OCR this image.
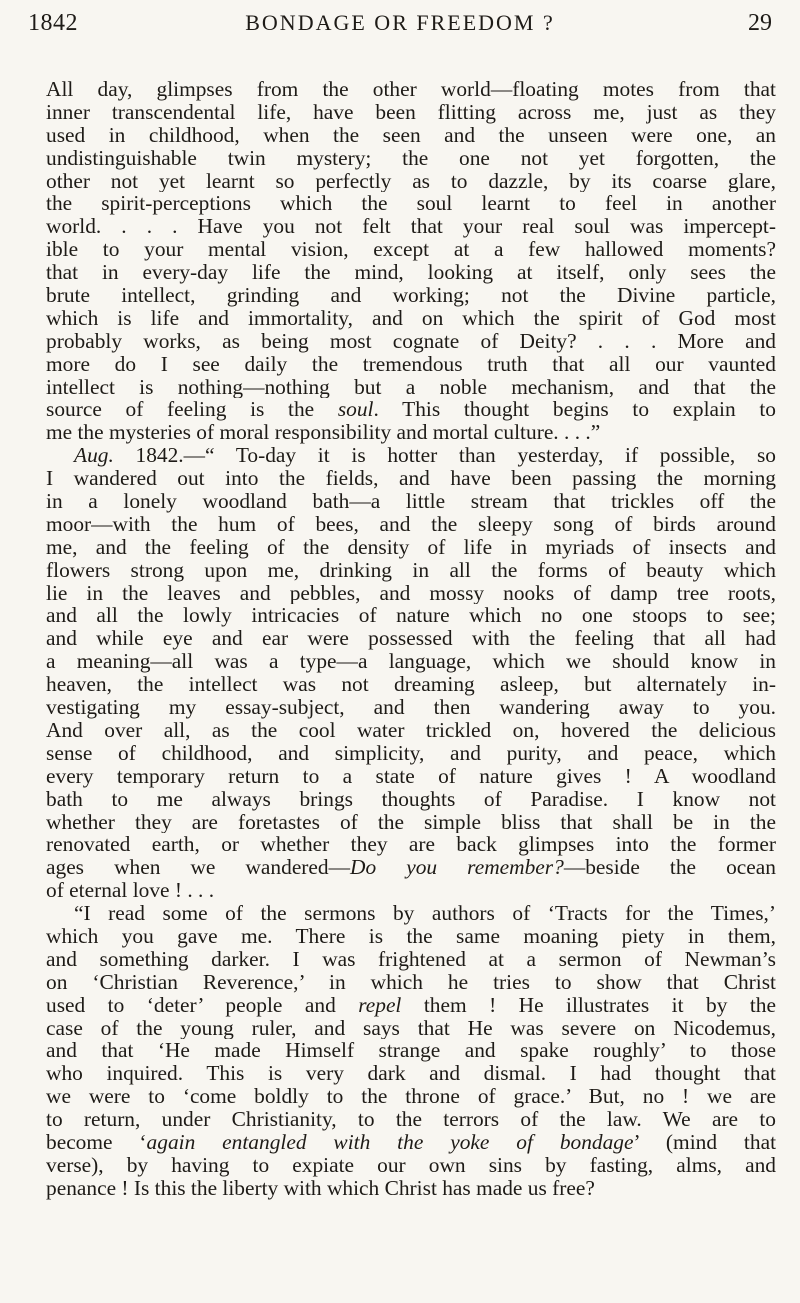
1842	BONDAGE OR FREEDOM ?	29
All day, glimpses from the other world—floating motes from that
inner transcendental life, have been flitting across me, just as they
used in childhood, when the seen and the unseen were one, an
undistinguishable twin mystery; the one not yet forgotten, the
other not yet learnt so perfectly as to dazzle, by its coarse glare,
the spirit-perceptions which the soul learnt to feel in another
world. . . . Have you not felt that your real soul was impercept-
ible to your mental vision, except at a few hallowed moments?
that in every-day life the mind, looking at itself, only sees the
brute intellect, grinding and working; not the Divine particle,
which is life and immortality, and on which the spirit of God most
probably works, as being most cognate of Deity? . . . More and
more do I see daily the tremendous truth that all our vaunted
intellect is nothing—nothing but a noble mechanism, and that the
source of feeling is the soul. This thought begins to explain to
me the mysteries of moral responsibility and mortal culture. . . .”
Aug. 1842.—“ To-day it is hotter than yesterday, if possible, so
I wandered out into the fields, and have been passing the morning
in a lonely woodland bath—a little stream that trickles off the
moor—with the hum of bees, and the sleepy song of birds around
me, and the feeling of the density of life in myriads of insects and
flowers strong upon me, drinking in all the forms of beauty which
lie in the leaves and pebbles, and mossy nooks of damp tree roots,
and all the lowly intricacies of nature which no one stoops to see;
and while eye and ear were possessed with the feeling that all had
a meaning—all was a type—a language, which we should know in
heaven, the intellect was not dreaming asleep, but alternately in-
vestigating my essay-subject, and then wandering away to you.
And over all, as the cool water trickled on, hovered the delicious
sense of childhood, and simplicity, and purity, and peace, which
every temporary return to a state of nature gives ! A woodland
bath to me always brings thoughts of Paradise. I know not
whether they are foretastes of the simple bliss that shall be in the
renovated earth, or whether they are back glimpses into the former
ages when we wandered—Do you remember?—beside the ocean
of eternal love ! . . .
“I read some of the sermons by authors of ‘Tracts for the Times,’
which you gave me. There is the same moaning piety in them,
and something darker. I was frightened at a sermon of Newman’s
on ‘Christian Reverence,’ in which he tries to show that Christ
used to ‘deter’ people and repel them ! He illustrates it by the
case of the young ruler, and says that He was severe on Nicodemus,
and that ‘He made Himself strange and spake roughly’ to those
who inquired. This is very dark and dismal. I had thought that
we were to ‘come boldly to the throne of grace.’ But, no ! we are
to return, under Christianity, to the terrors of the law. We are to
become ‘again entangled with the yoke of bondage’ (mind that
verse), by having to expiate our own sins by fasting, alms, and
penance ! Is this the liberty with which Christ has made us free?
